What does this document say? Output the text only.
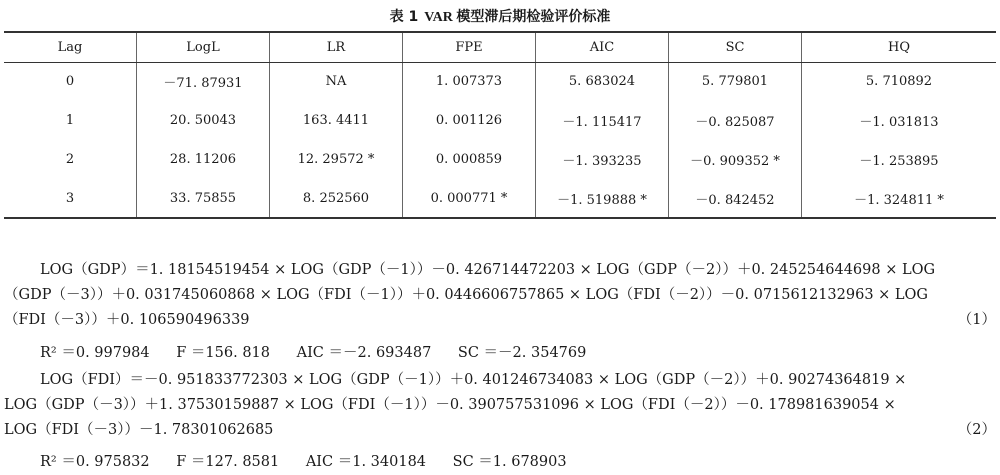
表 1 VAR 模型滞后期检验评价标准
Lag	LogL	LR	FPE	AIC	SC	HQ
0	－71. 87931	NA	1. 007373	5. 683024	5. 779801	5. 710892
1	20. 50043	163. 4411	0. 001126	－1. 115417	－0. 825087	－1. 031813
2	28. 11206	12. 29572 *	0. 000859	－1. 393235	－0. 909352 *	－1. 253895
3	33. 75855	8. 252560	0. 000771 *	－1. 519888 *	－0. 842452	－1. 324811 *
LOG（GDP）＝1. 18154519454 × LOG（GDP（－1））－0. 426714472203 × LOG（GDP（－2））＋0. 245254644698 × LOG
（GDP（－3））＋0. 031745060868 × LOG（FDI（－1））＋0. 0446606757865 × LOG（FDI（－2））－0. 0715612132963 × LOG
（FDI（－3））＋0. 106590496339	（1）
R² ＝0. 997984 F ＝156. 818 AIC ＝－2. 693487 SC ＝－2. 354769
LOG（FDI）＝－0. 951833772303 × LOG（GDP（－1））＋0. 401246734083 × LOG（GDP（－2））＋0. 90274364819 ×
LOG（GDP（－3））＋1. 37530159887 × LOG（FDI（－1））－0. 390757531096 × LOG（FDI（－2））－0. 178981639054 ×
LOG（FDI（－3））－1. 78301062685	（2）
R² ＝0. 975832 F ＝127. 8581 AIC ＝1. 340184 SC ＝1. 678903
